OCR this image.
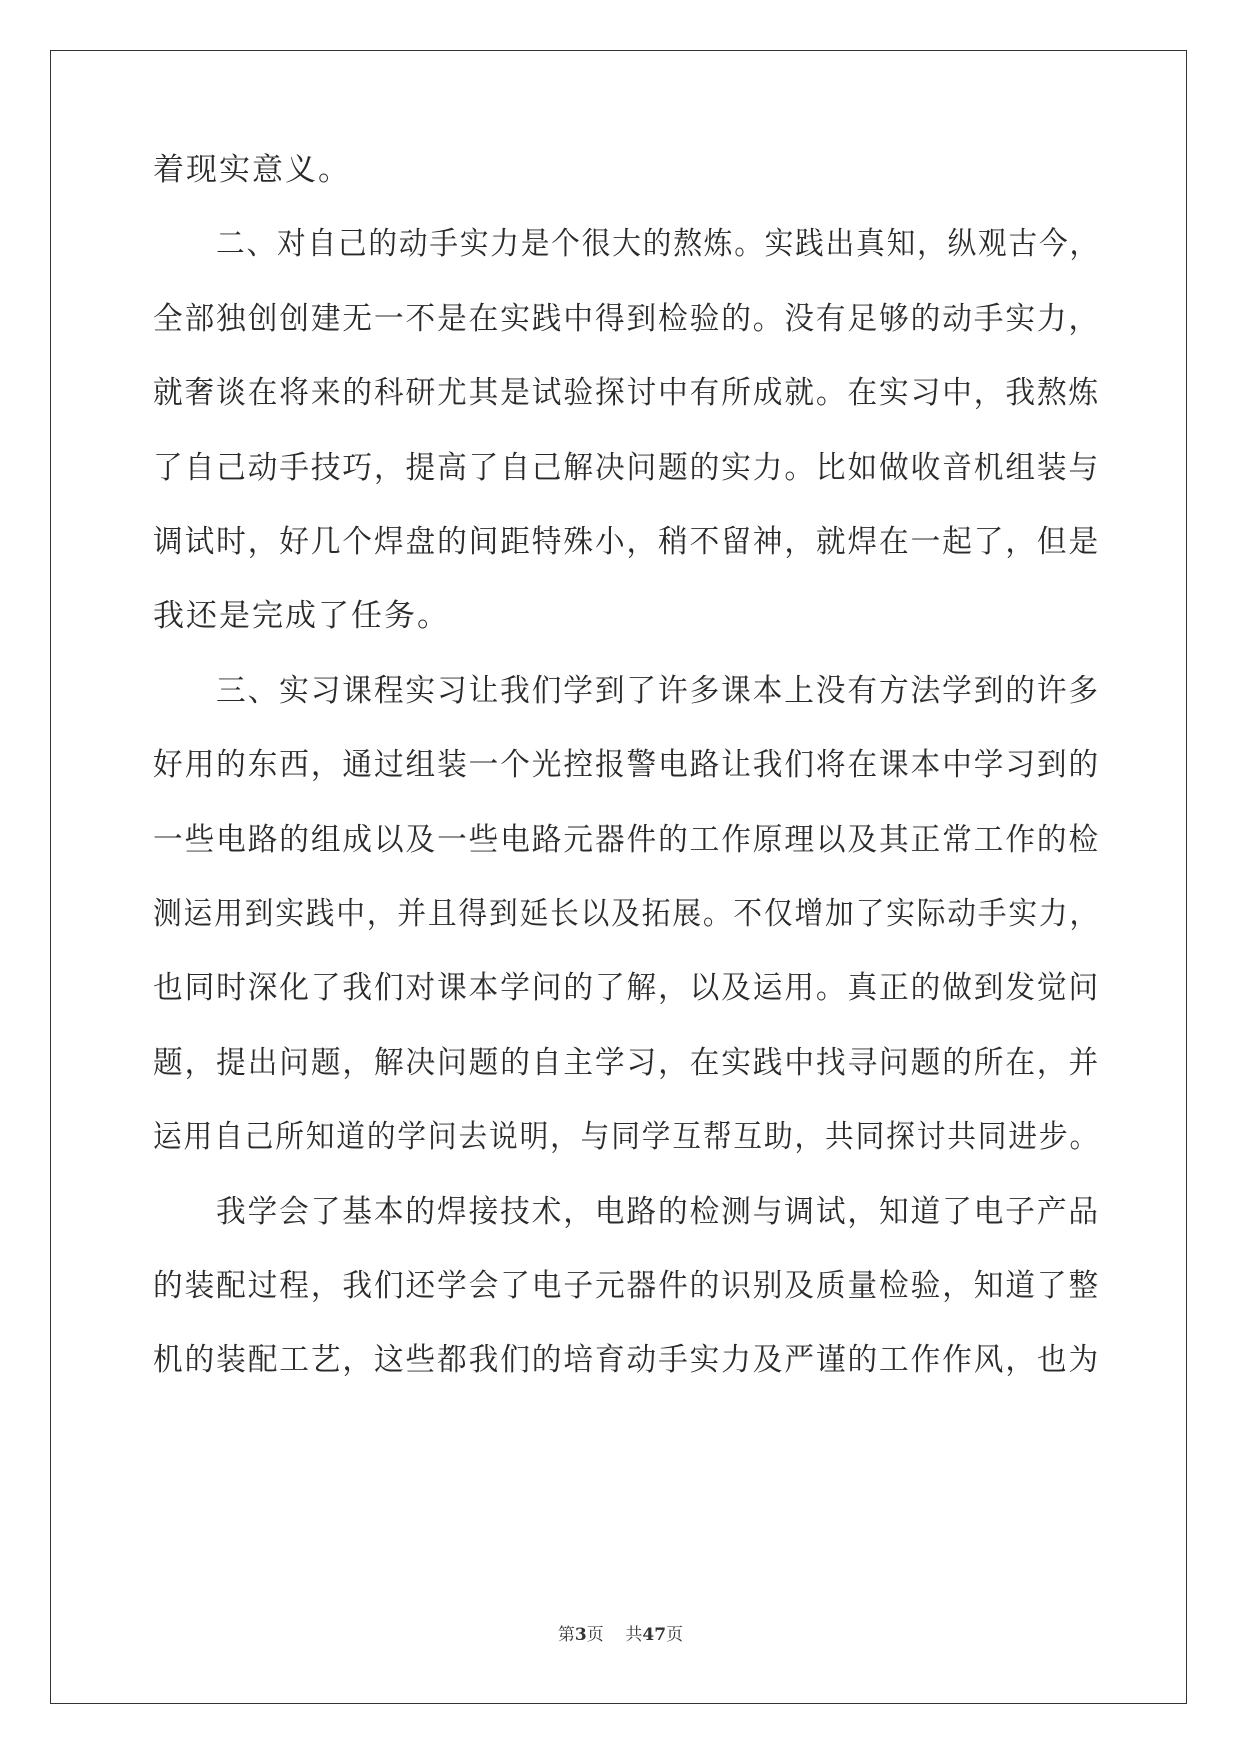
着现实意义。
二、对自己的动手实力是个很大的熬炼。实践出真知，纵观古今，
全部独创创建无一不是在实践中得到检验的。没有足够的动手实力，
就奢谈在将来的科研尤其是试验探讨中有所成就。在实习中，我熬炼
了自己动手技巧，提高了自己解决问题的实力。比如做收音机组装与
调试时，好几个焊盘的间距特殊小，稍不留神，就焊在一起了，但是
我还是完成了任务。
三、实习课程实习让我们学到了许多课本上没有方法学到的许多
好用的东西，通过组装一个光控报警电路让我们将在课本中学习到的
一些电路的组成以及一些电路元器件的工作原理以及其正常工作的检
测运用到实践中，并且得到延长以及拓展。不仅增加了实际动手实力，
也同时深化了我们对课本学问的了解，以及运用。真正的做到发觉问
题，提出问题，解决问题的自主学习，在实践中找寻问题的所在，并
运用自己所知道的学问去说明，与同学互帮互助，共同探讨共同进步。
我学会了基本的焊接技术，电路的检测与调试，知道了电子产品
的装配过程，我们还学会了电子元器件的识别及质量检验，知道了整
机的装配工艺，这些都我们的培育动手实力及严谨的工作作风，也为
第3页 共47页
